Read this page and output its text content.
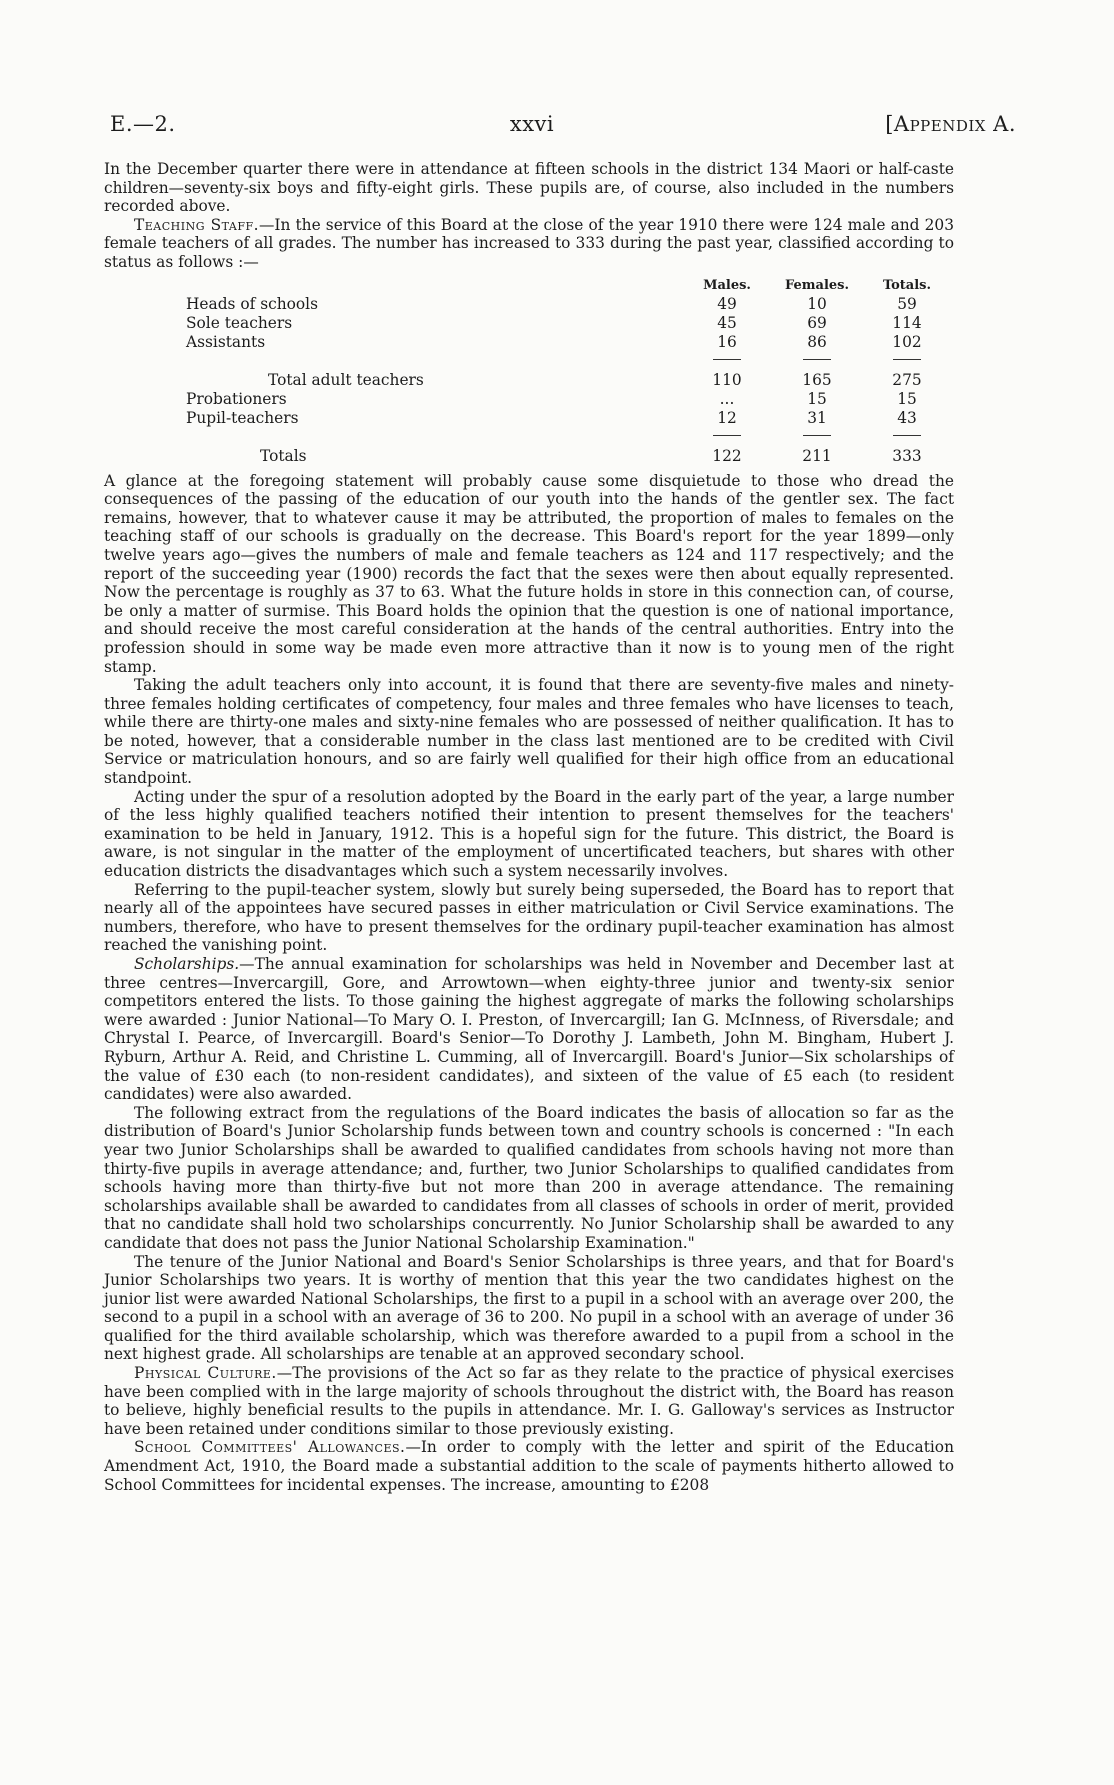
E.—2.	xxvi	[Appendix A.

In the December quarter there were in attendance at fifteen schools in the district 134 Maori or half-caste children—seventy-six boys and fifty-eight girls. These pupils are, of course, also included in the numbers recorded above.

Teaching Staff.—In the service of this Board at the close of the year 1910 there were 124 male and 203 female teachers of all grades. The number has increased to 333 during the past year, classified according to status as follows :—

	Males.	Females.	Totals.
Heads of schools	49	10	59
Sole teachers	45	69	114
Assistants	16	86	102

Total adult teachers	110	165	275
Probationers	...	15	15
Pupil-teachers	12	31	43

Totals	122	211	333

A glance at the foregoing statement will probably cause some disquietude to those who dread the consequences of the passing of the education of our youth into the hands of the gentler sex. The fact remains, however, that to whatever cause it may be attributed, the proportion of males to females on the teaching staff of our schools is gradually on the decrease. This Board's report for the year 1899—only twelve years ago—gives the numbers of male and female teachers as 124 and 117 respectively; and the report of the succeeding year (1900) records the fact that the sexes were then about equally represented. Now the percentage is roughly as 37 to 63. What the future holds in store in this connection can, of course, be only a matter of surmise. This Board holds the opinion that the question is one of national importance, and should receive the most careful consideration at the hands of the central authorities. Entry into the profession should in some way be made even more attractive than it now is to young men of the right stamp.

Taking the adult teachers only into account, it is found that there are seventy-five males and ninety-three females holding certificates of competency, four males and three females who have licenses to teach, while there are thirty-one males and sixty-nine females who are possessed of neither qualification. It has to be noted, however, that a considerable number in the class last mentioned are to be credited with Civil Service or matriculation honours, and so are fairly well qualified for their high office from an educational standpoint.

Acting under the spur of a resolution adopted by the Board in the early part of the year, a large number of the less highly qualified teachers notified their intention to present themselves for the teachers' examination to be held in January, 1912. This is a hopeful sign for the future. This district, the Board is aware, is not singular in the matter of the employment of uncertificated teachers, but shares with other education districts the disadvantages which such a system necessarily involves.

Referring to the pupil-teacher system, slowly but surely being superseded, the Board has to report that nearly all of the appointees have secured passes in either matriculation or Civil Service examinations. The numbers, therefore, who have to present themselves for the ordinary pupil-teacher examination has almost reached the vanishing point.

Scholarships.—The annual examination for scholarships was held in November and December last at three centres—Invercargill, Gore, and Arrowtown—when eighty-three junior and twenty-six senior competitors entered the lists. To those gaining the highest aggregate of marks the following scholarships were awarded : Junior National—To Mary O. I. Preston, of Invercargill; Ian G. McInness, of Riversdale; and Chrystal I. Pearce, of Invercargill. Board's Senior—To Dorothy J. Lambeth, John M. Bingham, Hubert J. Ryburn, Arthur A. Reid, and Christine L. Cumming, all of Invercargill. Board's Junior—Six scholarships of the value of £30 each (to non-resident candidates), and sixteen of the value of £5 each (to resident candidates) were also awarded.

The following extract from the regulations of the Board indicates the basis of allocation so far as the distribution of Board's Junior Scholarship funds between town and country schools is concerned : "In each year two Junior Scholarships shall be awarded to qualified candidates from schools having not more than thirty-five pupils in average attendance; and, further, two Junior Scholarships to qualified candidates from schools having more than thirty-five but not more than 200 in average attendance. The remaining scholarships available shall be awarded to candidates from all classes of schools in order of merit, provided that no candidate shall hold two scholarships concurrently. No Junior Scholarship shall be awarded to any candidate that does not pass the Junior National Scholarship Examination."

The tenure of the Junior National and Board's Senior Scholarships is three years, and that for Board's Junior Scholarships two years. It is worthy of mention that this year the two candidates highest on the junior list were awarded National Scholarships, the first to a pupil in a school with an average over 200, the second to a pupil in a school with an average of 36 to 200. No pupil in a school with an average of under 36 qualified for the third available scholarship, which was therefore awarded to a pupil from a school in the next highest grade. All scholarships are tenable at an approved secondary school.

Physical Culture.—The provisions of the Act so far as they relate to the practice of physical exercises have been complied with in the large majority of schools throughout the district with, the Board has reason to believe, highly beneficial results to the pupils in attendance. Mr. I. G. Galloway's services as Instructor have been retained under conditions similar to those previously existing.

School Committees' Allowances.—In order to comply with the letter and spirit of the Education Amendment Act, 1910, the Board made a substantial addition to the scale of payments hitherto allowed to School Committees for incidental expenses. The increase, amounting to £208
